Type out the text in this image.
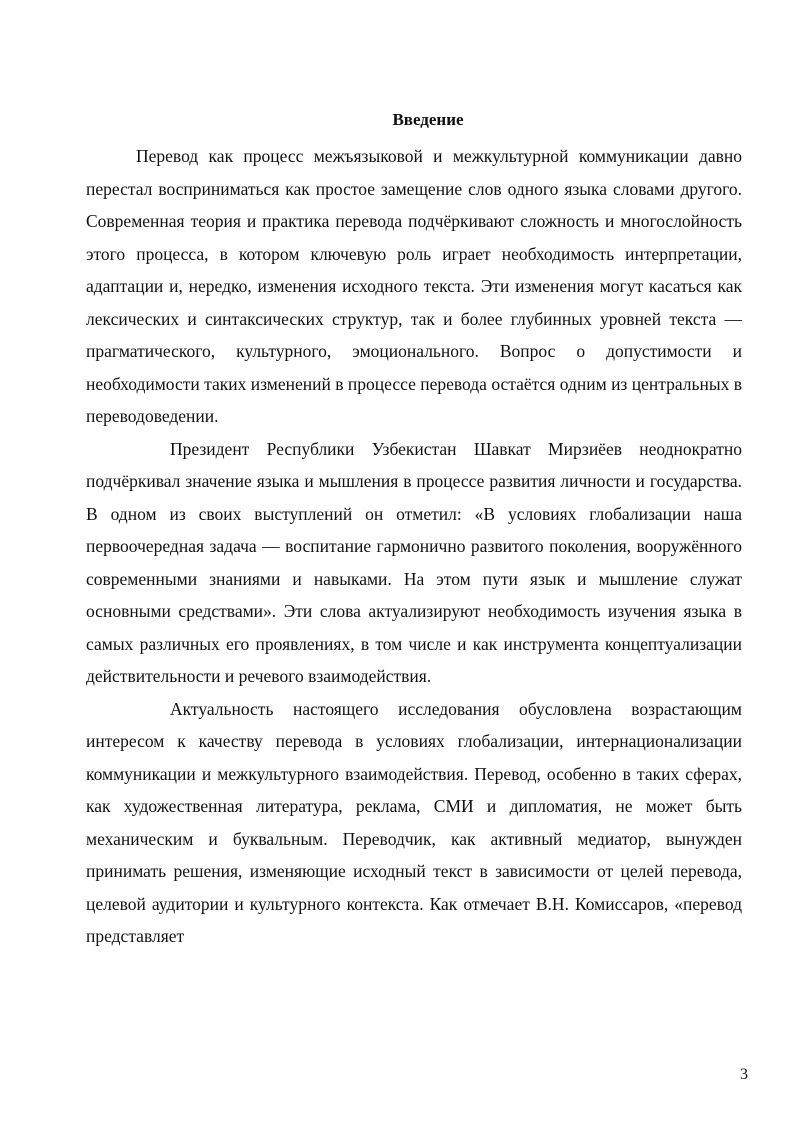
Введение

Перевод как процесс межъязыковой и межкультурной коммуникации давно перестал восприниматься как простое замещение слов одного языка словами другого. Современная теория и практика перевода подчёркивают сложность и многослойность этого процесса, в котором ключевую роль играет необходимость интерпретации, адаптации и, нередко, изменения исходного текста. Эти изменения могут касаться как лексических и синтаксических структур, так и более глубинных уровней текста — прагматического, культурного, эмоционального. Вопрос о допустимости и необходимости таких изменений в процессе перевода остаётся одним из центральных в переводоведении.

Президент Республики Узбекистан Шавкат Мирзиёев неоднократно подчёркивал значение языка и мышления в процессе развития личности и государства. В одном из своих выступлений он отметил: «В условиях глобализации наша первоочередная задача — воспитание гармонично развитого поколения, вооружённого современными знаниями и навыками. На этом пути язык и мышление служат основными средствами». Эти слова актуализируют необходимость изучения языка в самых различных его проявлениях, в том числе и как инструмента концептуализации действительности и речевого взаимодействия.

Актуальность настоящего исследования обусловлена возрастающим интересом к качеству перевода в условиях глобализации, интернационализации коммуникации и межкультурного взаимодействия. Перевод, особенно в таких сферах, как художественная литература, реклама, СМИ и дипломатия, не может быть механическим и буквальным. Переводчик, как активный медиатор, вынужден принимать решения, изменяющие исходный текст в зависимости от целей перевода, целевой аудитории и культурного контекста. Как отмечает В.Н. Комиссаров, «перевод представляет

3
